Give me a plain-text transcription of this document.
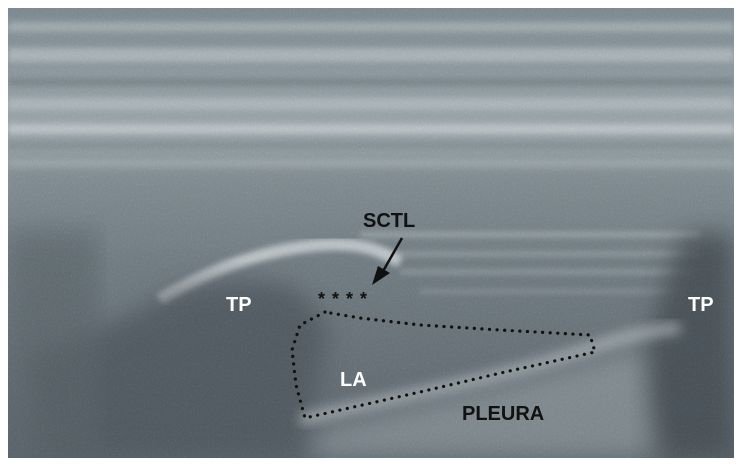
SCTL
* * * *
TP	TP
LA
PLEURA
